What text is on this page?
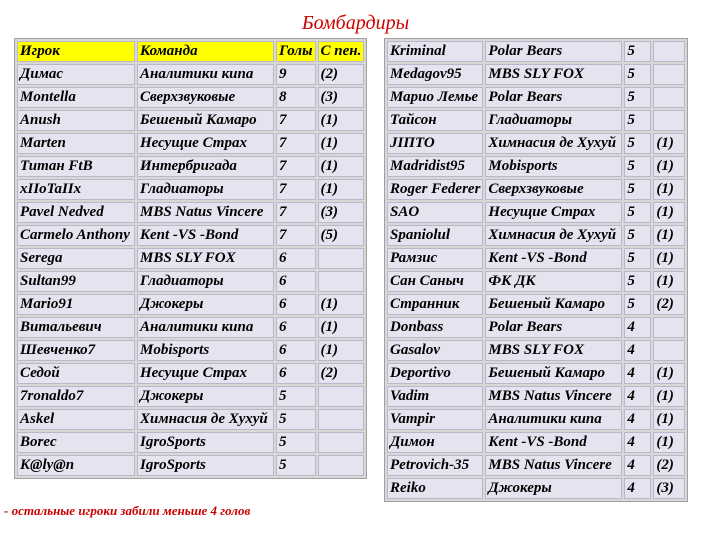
Бомбардиры
Игрок	Команда	Голы	С пен.
Димас	Аналитики кипа	9	(2)
Montella	Сверхзвуковые	8	(3)
Anush	Бешеный Камаро	7	(1)
Marten	Несущие Страх	7	(1)
Титан FtB	Интербригада	7	(1)
xIIoTaIIx	Гладиаторы	7	(1)
Pavel Nedved	MBS Natus Vincere	7	(3)
Carmelo Anthony	Kent -VS -Bond	7	(5)
Serega	MBS SLY FOX	6	
Sultan99	Гладиаторы	6	
Mario91	Джокеры	6	(1)
Витальевич	Аналитики кипа	6	(1)
Шевченко7	Mobisports	6	(1)
Седой	Несущие Страх	6	(2)
7ronaldo7	Джокеры	5	
Askel	Химнасия де Хухуй	5	
Borec	IgroSports	5	
K@ly@n	IgroSports	5	
Kriminal	Polar Bears	5	
Medagov95	MBS SLY FOX	5	
Марио Лемье	Polar Bears	5	
Тайсон	Гладиаторы	5	
JIПTO	Химнасия де Хухуй	5	(1)
Madridist95	Mobisports	5	(1)
Roger Federer	Сверхзвуковые	5	(1)
SAO	Несущие Страх	5	(1)
Spaniolul	Химнасия де Хухуй	5	(1)
Рамзис	Kent -VS -Bond	5	(1)
Сан Саныч	ФК ДК	5	(1)
Странник	Бешеный Камаро	5	(2)
Donbass	Polar Bears	4	
Gasalov	MBS SLY FOX	4	
Deportivo	Бешеный Камаро	4	(1)
Vadim	MBS Natus Vincere	4	(1)
Vampir	Аналитики кипа	4	(1)
Димон	Kent -VS -Bond	4	(1)
Petrovich-35	MBS Natus Vincere	4	(2)
Reiko	Джокеры	4	(3)
- остальные игроки забили меньше 4 голов
